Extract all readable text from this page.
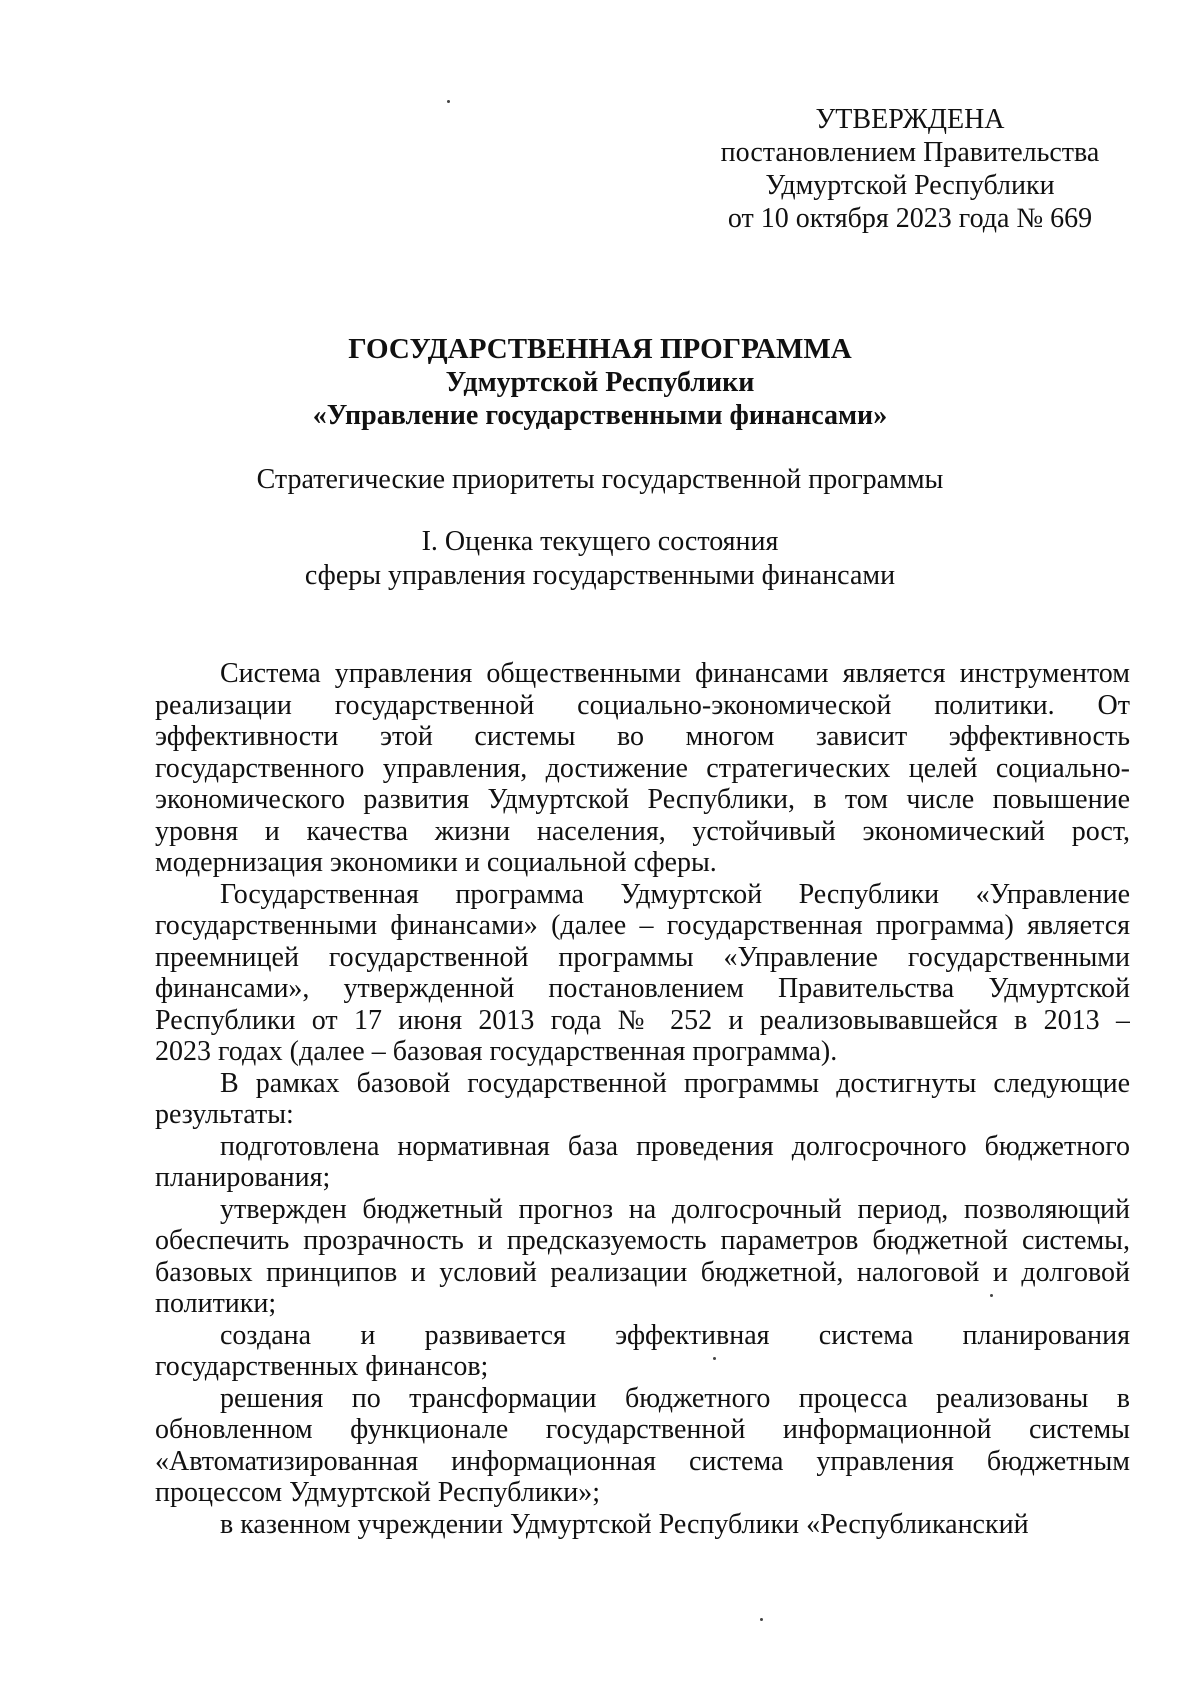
УТВЕРЖДЕНА
постановлением Правительства
Удмуртской Республики
от 10 октября 2023 года № 669
ГОСУДАРСТВЕННАЯ ПРОГРАММА
Удмуртской Республики
«Управление государственными финансами»
Стратегические приоритеты государственной программы
I. Оценка текущего состояния
сферы управления государственными финансами
Система управления общественными финансами является инструментом
реализации государственной социально-экономической политики. От
эффективности этой системы во многом зависит эффективность
государственного управления, достижение стратегических целей социально-
экономического развития Удмуртской Республики, в том числе повышение
уровня и качества жизни населения, устойчивый экономический рост,
модернизация экономики и социальной сферы.
Государственная программа Удмуртской Республики «Управление
государственными финансами» (далее – государственная программа) является
преемницей государственной программы «Управление государственными
финансами», утвержденной постановлением Правительства Удмуртской
Республики от 17 июня 2013 года № 252 и реализовывавшейся в 2013 –
2023 годах (далее – базовая государственная программа).
В рамках базовой государственной программы достигнуты следующие
результаты:
подготовлена нормативная база проведения долгосрочного бюджетного
планирования;
утвержден бюджетный прогноз на долгосрочный период, позволяющий
обеспечить прозрачность и предсказуемость параметров бюджетной системы,
базовых принципов и условий реализации бюджетной, налоговой и долговой
политики;
создана и развивается эффективная система планирования
государственных финансов;
решения по трансформации бюджетного процесса реализованы в
обновленном функционале государственной информационной системы
«Автоматизированная информационная система управления бюджетным
процессом Удмуртской Республики»;
в казенном учреждении Удмуртской Республики «Республиканский
